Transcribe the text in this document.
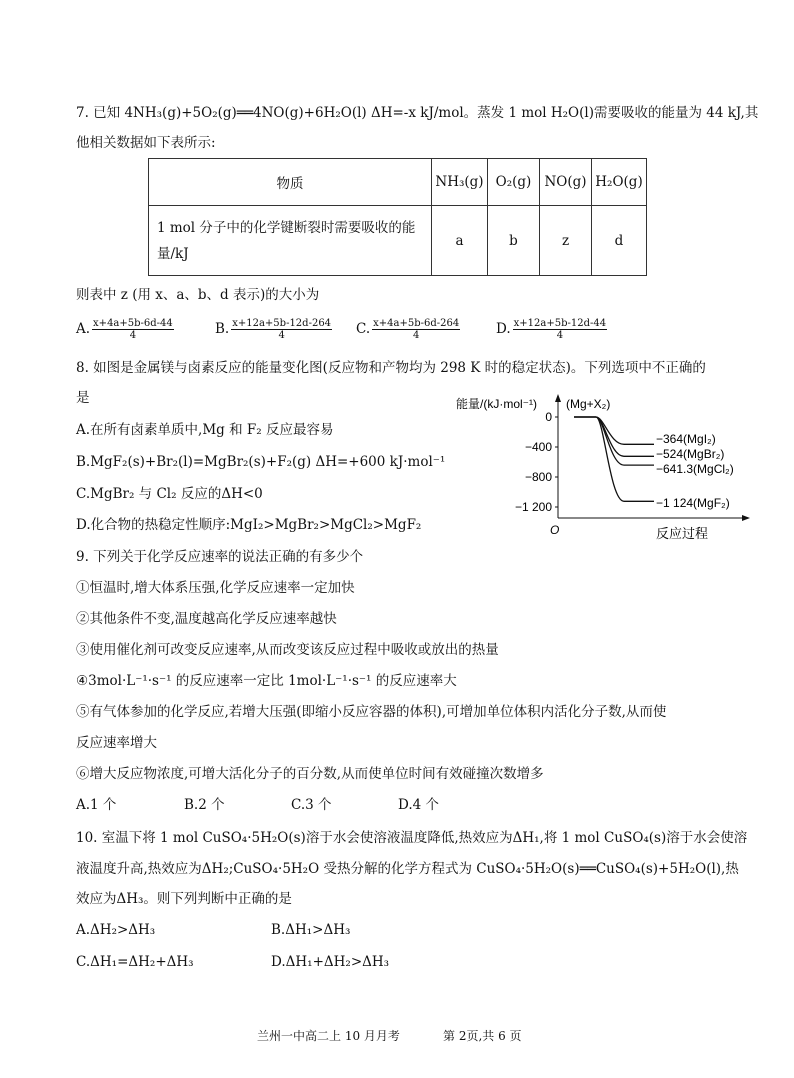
7. 已知 4NH₃(g)+5O₂(g)══4NO(g)+6H₂O(l) ΔH=-x kJ/mol。蒸发 1 mol H₂O(l)需要吸收的能量为 44 kJ,其
他相关数据如下表所示:
物质	NH₃(g)	O₂(g)	NO(g)	H₂O(g)
1 mol 分子中的化学键断裂时需要吸收的能
量/kJ	a	b	z	d
则表中 z (用 x、a、b、d 表示)的大小为
A. $\frac{x+4a+5b-6d-44}{4}$	B. $\frac{x+12a+5b-12d-264}{4} C$. $\frac{x+4a+5b-6d-264}{4}$	D. $\frac{x+12a+5b-12d-44}{4}$
8. 如图是金属镁与卤素反应的能量变化图(反应物和产物均为 298 K 时的稳定状态)。下列选项中不正确的
是
A.在所有卤素单质中,Mg 和 F₂ 反应最容易
B.MgF₂(s)+Br₂(l)=MgBr₂(s)+F₂(g) ΔH=+600 kJ·mol⁻¹
C.MgBr₂ 与 Cl₂ 反应的ΔH<0
D.化合物的热稳定性顺序:MgI₂>MgBr₂>MgCl₂>MgF₂
能量/(kJ·mol⁻¹) (Mg+X₂)
O	反应过程
0
−400
−800
−1 200
−364(MgI₂)
−524(MgBr₂)
−641.3(MgCl₂)
−1 124(MgF₂)
9. 下列关于化学反应速率的说法正确的有多少个
①恒温时,增大体系压强,化学反应速率一定加快
②其他条件不变,温度越高化学反应速率越快
③使用催化剂可改变反应速率,从而改变该反应过程中吸收或放出的热量
④3mol·L⁻¹·s⁻¹ 的反应速率一定比 1mol·L⁻¹·s⁻¹ 的反应速率大
⑤有气体参加的化学反应,若增大压强(即缩小反应容器的体积),可增加单位体积内活化分子数,从而使
反应速率增大
⑥增大反应物浓度,可增大活化分子的百分数,从而使单位时间有效碰撞次数增多
A.1 个	B.2 个	C.3 个	D.4 个
10. 室温下将 1 mol CuSO₄·5H₂O(s)溶于水会使溶液温度降低,热效应为ΔH₁,将 1 mol CuSO₄(s)溶于水会使溶
液温度升高,热效应为ΔH₂;CuSO₄·5H₂O 受热分解的化学方程式为 CuSO₄·5H₂O(s)══CuSO₄(s)+5H₂O(l),热
效应为ΔH₃。则下列判断中正确的是
A.ΔH₂>ΔH₃	B.ΔH₁>ΔH₃
C.ΔH₁=ΔH₂+ΔH₃	D.ΔH₁+ΔH₂>ΔH₃
兰州一中高二上 10 月月考	第 2页,共 6 页
